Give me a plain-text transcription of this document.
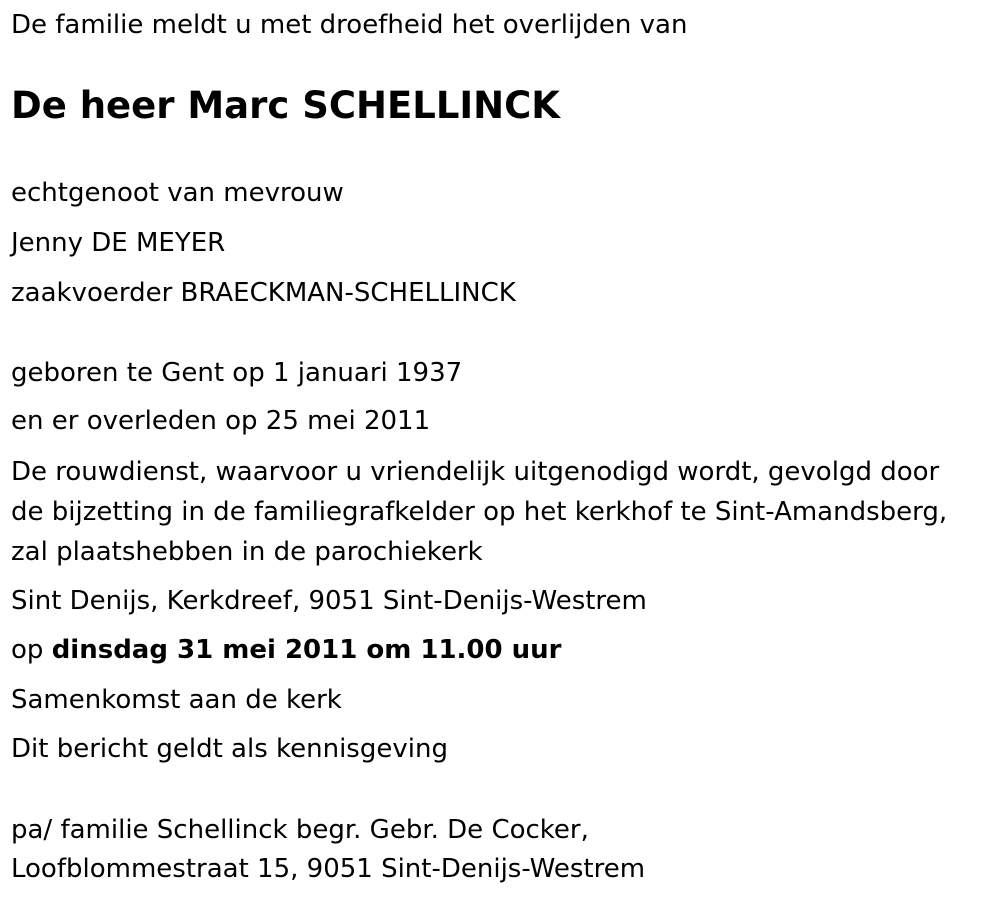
De familie meldt u met droefheid het overlijden van

De heer Marc SCHELLINCK

echtgenoot van mevrouw

Jenny DE MEYER

zaakvoerder BRAECKMAN-SCHELLINCK

geboren te Gent op 1 januari 1937

en er overleden op 25 mei 2011

De rouwdienst, waarvoor u vriendelijk uitgenodigd wordt, gevolgd door
de bijzetting in de familiegrafkelder op het kerkhof te Sint-Amandsberg,
zal plaatshebben in de parochiekerk

Sint Denijs, Kerkdreef, 9051 Sint-Denijs-Westrem

op dinsdag 31 mei 2011 om 11.00 uur

Samenkomst aan de kerk

Dit bericht geldt als kennisgeving

pa/ familie Schellinck begr. Gebr. De Cocker,

Loofblommestraat 15, 9051 Sint-Denijs-Westrem
